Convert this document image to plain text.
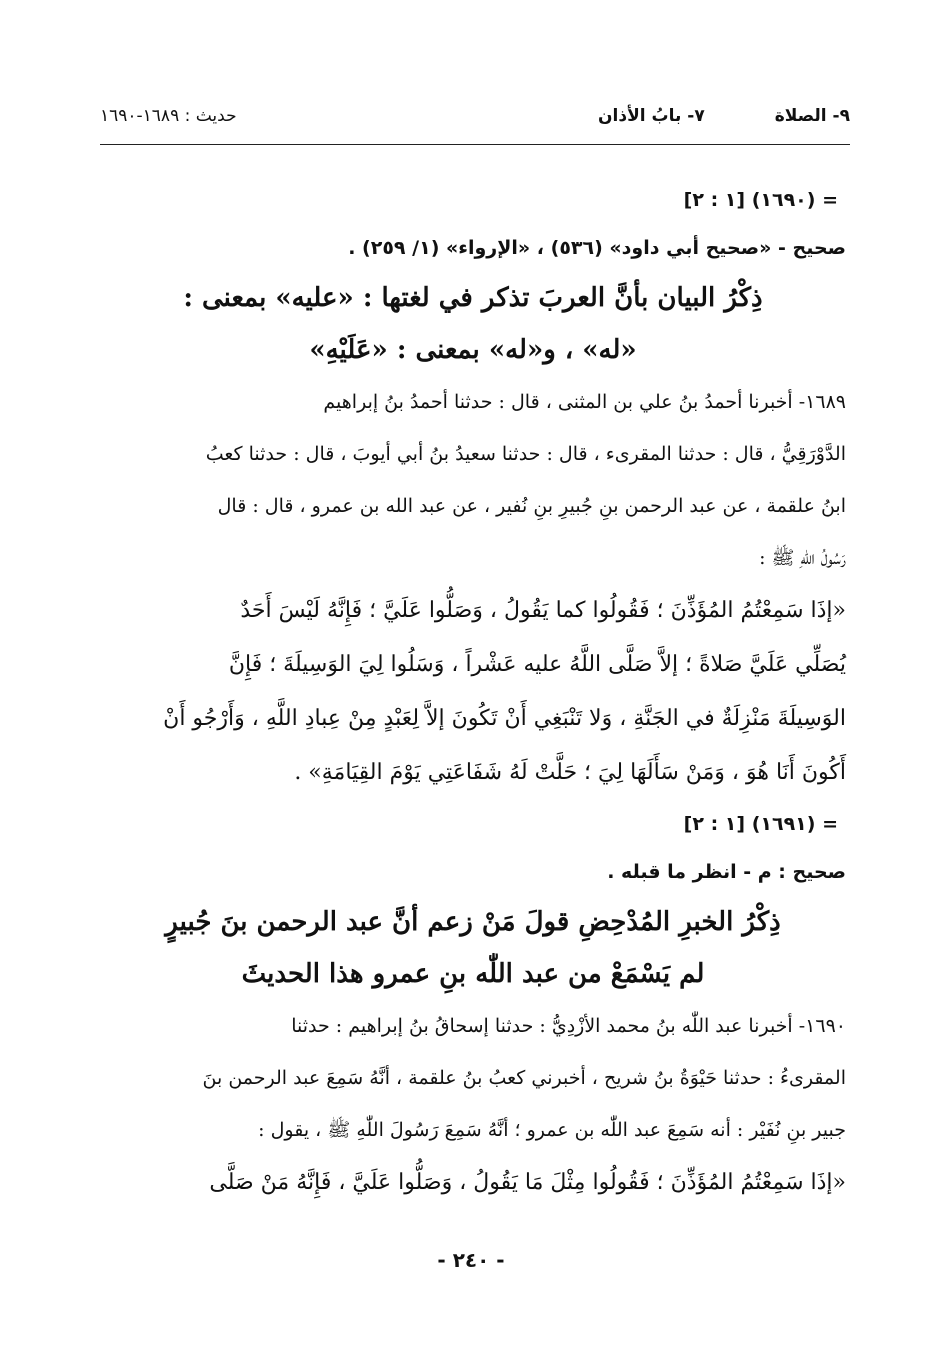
٩- الصلاة
٧- بابُ الأذان
حديث : ١٦٨٩-١٦٩٠
= (١٦٩٠) [١ : ٢]
صحيح - «صحيح أبي داود» (٥٣٦) ، «الإرواء» (١/ ٢٥٩) .
ذِكْرُ البيان بأنَّ العربَ تذكر في لغتها : «عليه» بمعنى :
«له» ، و«له» بمعنى : «عَلَيْهِ»
١٦٨٩- أخبرنا أحمدُ بنُ علي بن المثنى ، قال : حدثنا أحمدُ بنُ إبراهيم
الدَّوْرَقِيُّ ، قال : حدثنا المقرىء ، قال : حدثنا سعيدُ بنُ أبي أيوبَ ، قال : حدثنا كعبُ
ابنُ علقمة ، عن عبد الرحمن بنِ جُبيرِ بنِ نُفير ، عن عبد الله بن عمرو ، قال : قال
رَسُولُ اللّٰهِ ﷺ :
«إذَا سَمِعْتُمُ المُؤَذِّنَ ؛ فَقُولُوا كما يَقُولُ ، وَصَلُّوا عَلَيَّ ؛ فَإِنَّهُ لَيْسَ أَحَدٌ
يُصَلِّي عَلَيَّ صَلاةً ؛ إلاَّ صَلَّى اللَّهُ عليه عَشْراً ، وَسَلُوا لِيَ الوَسِيلَةَ ؛ فَإِنَّ
الوَسِيلَةَ مَنْزِلَةٌ في الجَنَّةِ ، وَلا تَنْبَغِي أَنْ تَكُونَ إلاَّ لِعَبْدٍ مِنْ عِبادِ اللَّهِ ، وَأَرْجُو أَنْ
أَكُونَ أَنَا هُوَ ، وَمَنْ سَأَلَهَا لِيَ ؛ حَلَّتْ لَهُ شَفَاعَتِي يَوْمَ القِيَامَةِ» .
= (١٦٩١) [١ : ٢]
صحيح : م - انظر ما قبله .
ذِكْرُ الخبرِ المُدْحِضِ قولَ مَنْ زعم أنَّ عبد الرحمن بنَ جُبيرٍ
لم يَسْمَعْ من عبد اللّٰه بنِ عمرو هذا الحديثَ
١٦٩٠- أخبرنا عبد اللّٰه بنُ محمد الأزْدِيُّ : حدثنا إسحاقُ بنُ إبراهيم : حدثنا
المقرىءُ : حدثنا حَيْوَةُ بنُ شريح ، أخبرني كعبُ بنُ علقمة ، أنَّهُ سَمِعَ عبد الرحمن بنَ
جبير بنِ نُفَيْر : أنه سَمِعَ عبد اللّٰه بن عمرو ؛ أنَّهُ سَمِعَ رَسُولَ اللّٰهِ ﷺ ، يقول :
«إذَا سَمِعْتُمُ المُؤَذِّنَ ؛ فَقُولُوا مِثْلَ مَا يَقُولُ ، وَصَلُّوا عَلَيَّ ، فَإِنَّهُ مَنْ صَلَّى
- ٢٤٠ -
